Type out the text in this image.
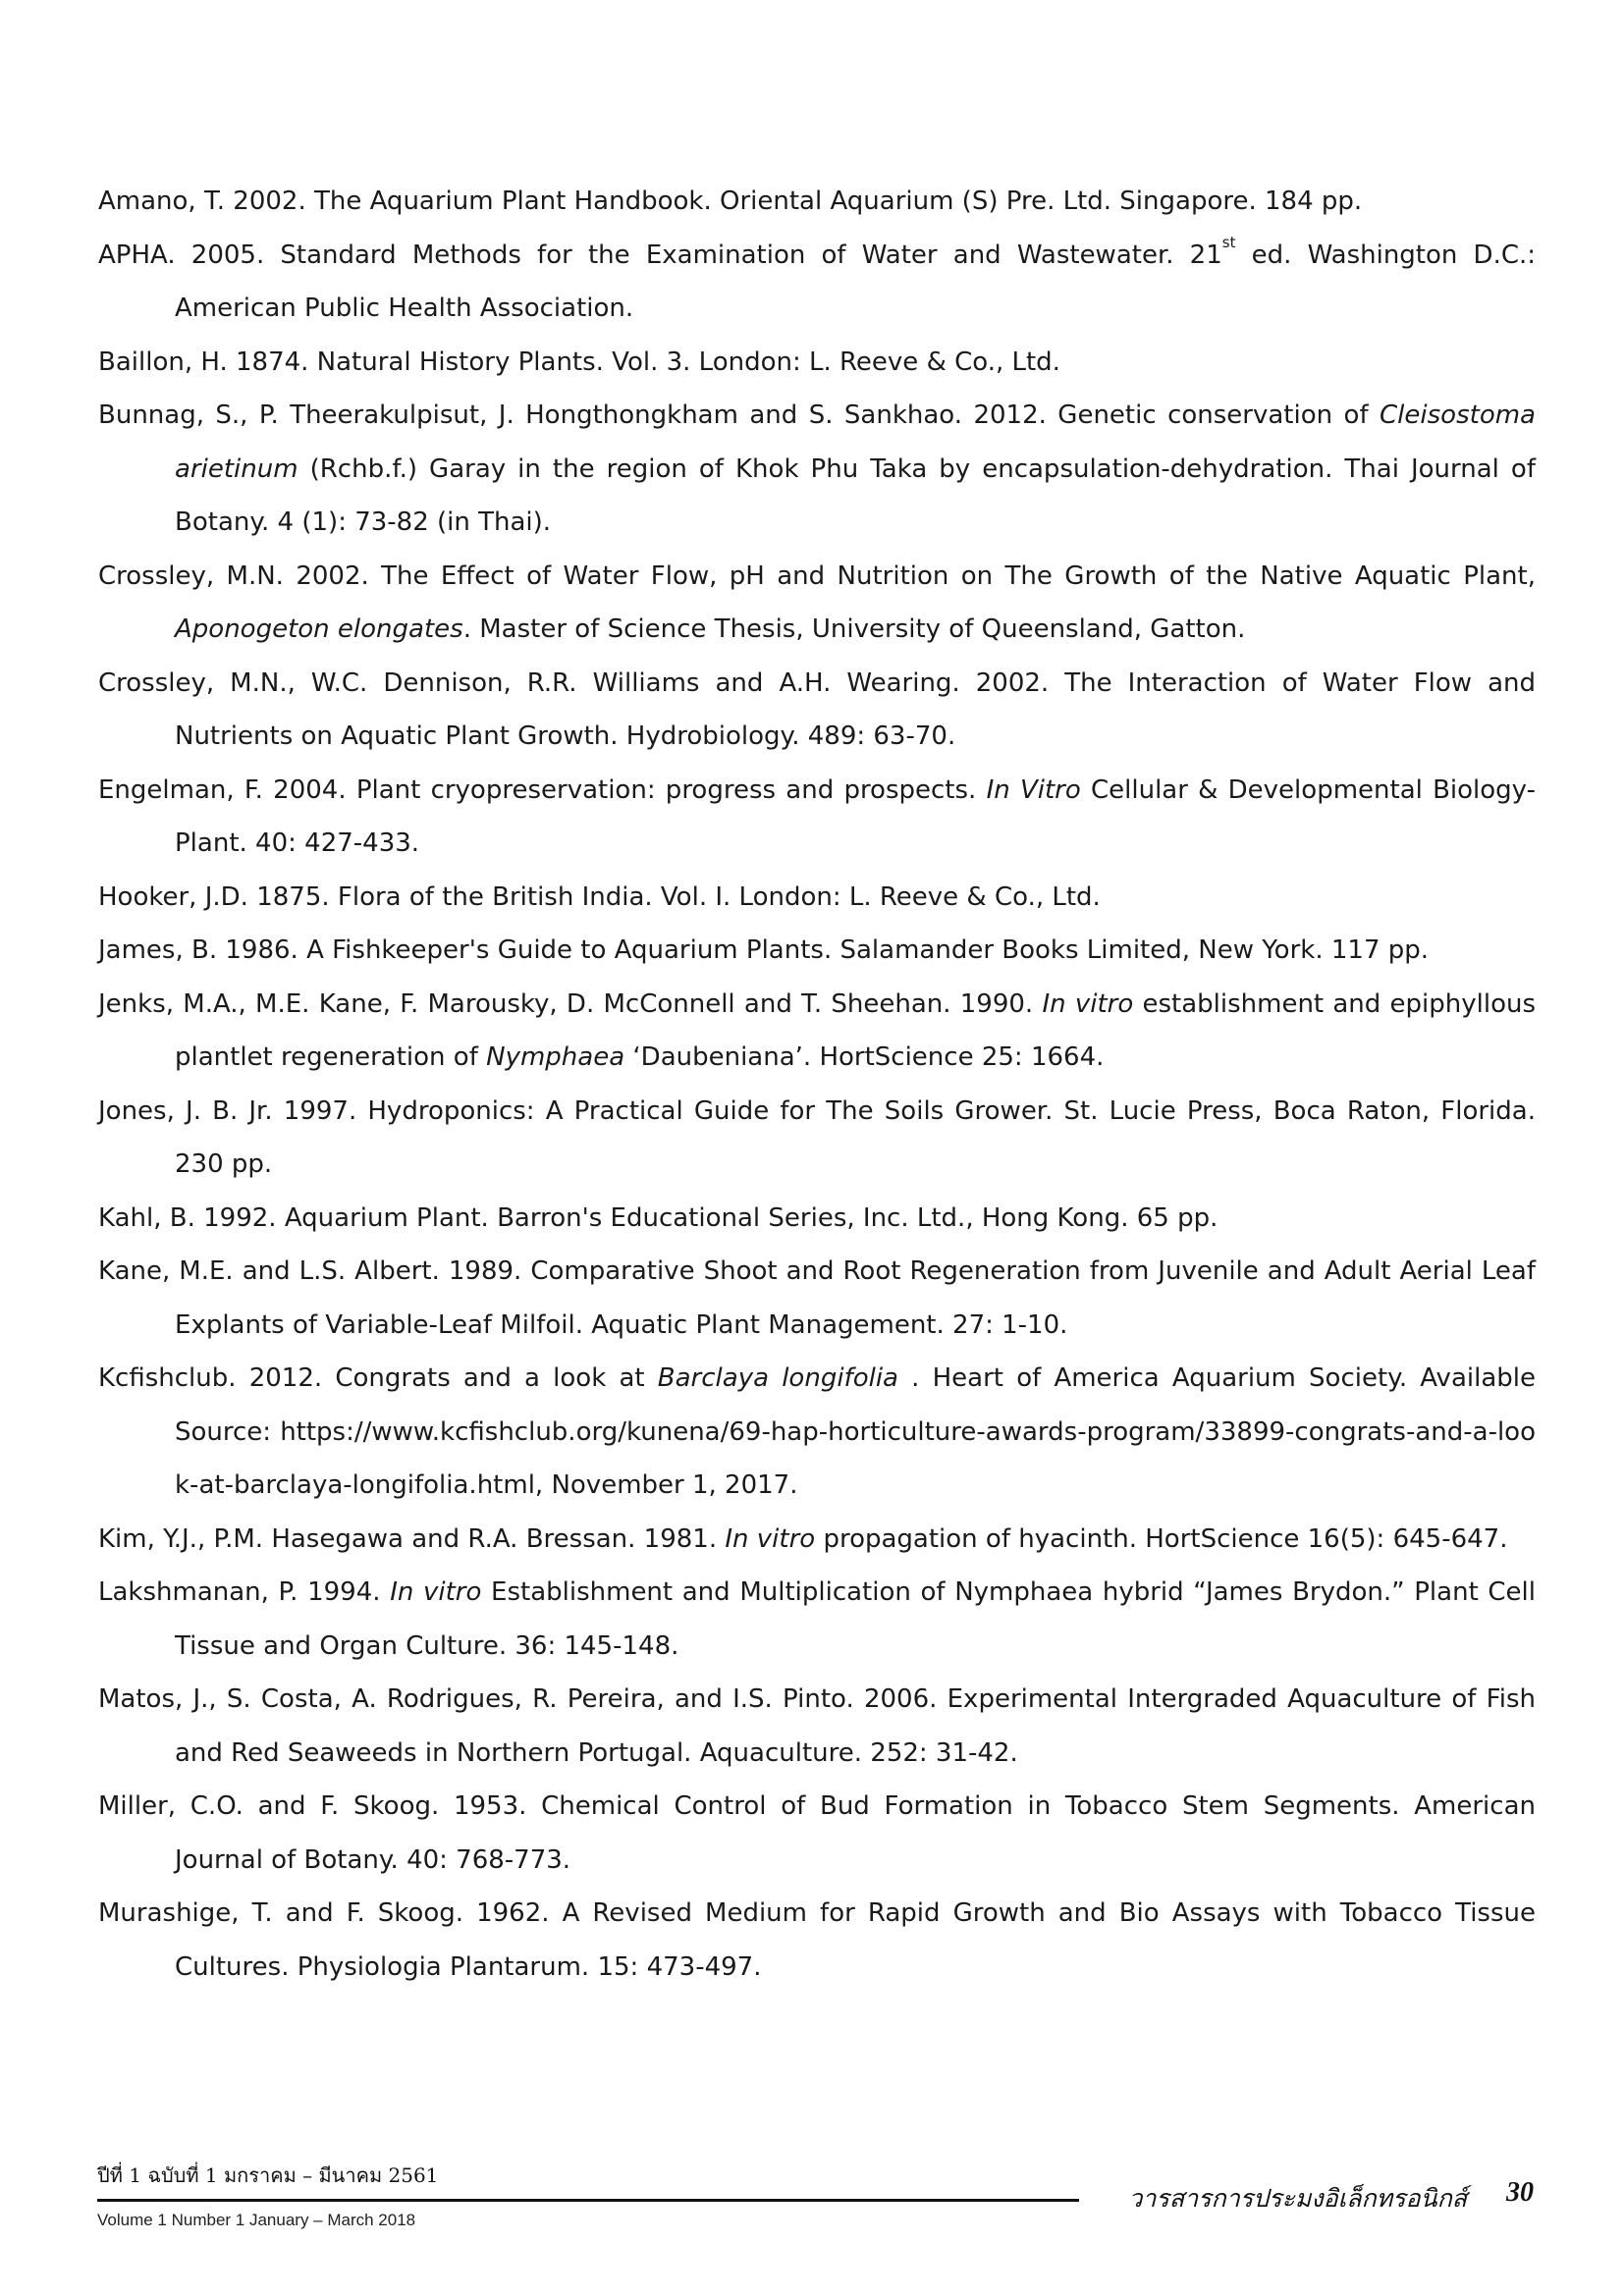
Amano, T. 2002. The Aquarium Plant Handbook. Oriental Aquarium (S) Pre. Ltd. Singapore. 184 pp.
APHA. 2005. Standard Methods for the Examination of Water and Wastewater. 21st ed. Washington D.C.: American Public Health Association.
Baillon, H. 1874. Natural History Plants. Vol. 3. London: L. Reeve & Co., Ltd.
Bunnag, S., P. Theerakulpisut, J. Hongthongkham and S. Sankhao. 2012. Genetic conservation of Cleisostoma arietinum (Rchb.f.) Garay in the region of Khok Phu Taka by encapsulation-dehydration. Thai Journal of Botany. 4 (1): 73-82 (in Thai).
Crossley, M.N. 2002. The Effect of Water Flow, pH and Nutrition on The Growth of the Native Aquatic Plant, Aponogeton elongates. Master of Science Thesis, University of Queensland, Gatton.
Crossley, M.N., W.C. Dennison, R.R. Williams and A.H. Wearing. 2002. The Interaction of Water Flow and Nutrients on Aquatic Plant Growth. Hydrobiology. 489: 63-70.
Engelman, F. 2004. Plant cryopreservation: progress and prospects. In Vitro Cellular & Developmental Biology-Plant. 40: 427-433.
Hooker, J.D. 1875. Flora of the British India. Vol. I. London: L. Reeve & Co., Ltd.
James, B. 1986. A Fishkeeper's Guide to Aquarium Plants. Salamander Books Limited, New York. 117 pp.
Jenks, M.A., M.E. Kane, F. Marousky, D. McConnell and T. Sheehan. 1990. In vitro establishment and epiphyllous plantlet regeneration of Nymphaea ‘Daubeniana’. HortScience 25: 1664.
Jones, J. B. Jr. 1997. Hydroponics: A Practical Guide for The Soils Grower. St. Lucie Press, Boca Raton, Florida. 230 pp.
Kahl, B. 1992. Aquarium Plant. Barron's Educational Series, Inc. Ltd., Hong Kong. 65 pp.
Kane, M.E. and L.S. Albert. 1989. Comparative Shoot and Root Regeneration from Juvenile and Adult Aerial Leaf Explants of Variable-Leaf Milfoil. Aquatic Plant Management. 27: 1-10.
Kcfishclub. 2012. Congrats and a look at Barclaya longifolia . Heart of America Aquarium Society. Available Source: https://www.kcfishclub.org/kunena/69-hap-horticulture-awards-program/33899-congrats-and-a-look-at-barclaya-longifolia.html, November 1, 2017.
Kim, Y.J., P.M. Hasegawa and R.A. Bressan. 1981. In vitro propagation of hyacinth. HortScience 16(5): 645-647.
Lakshmanan, P. 1994. In vitro Establishment and Multiplication of Nymphaea hybrid “James Brydon.” Plant Cell Tissue and Organ Culture. 36: 145-148.
Matos, J., S. Costa, A. Rodrigues, R. Pereira, and I.S. Pinto. 2006. Experimental Intergraded Aquaculture of Fish and Red Seaweeds in Northern Portugal. Aquaculture. 252: 31-42.
Miller, C.O. and F. Skoog. 1953. Chemical Control of Bud Formation in Tobacco Stem Segments. American Journal of Botany. 40: 768-773.
Murashige, T. and F. Skoog. 1962. A Revised Medium for Rapid Growth and Bio Assays with Tobacco Tissue Cultures. Physiologia Plantarum. 15: 473-497.
ปีที่ 1 ฉบับที่ 1 มกราคม – มีนาคม 2561
Volume 1 Number 1 January – March 2018
วารสารการประมงอิเล็กทรอนิกส์ 30
